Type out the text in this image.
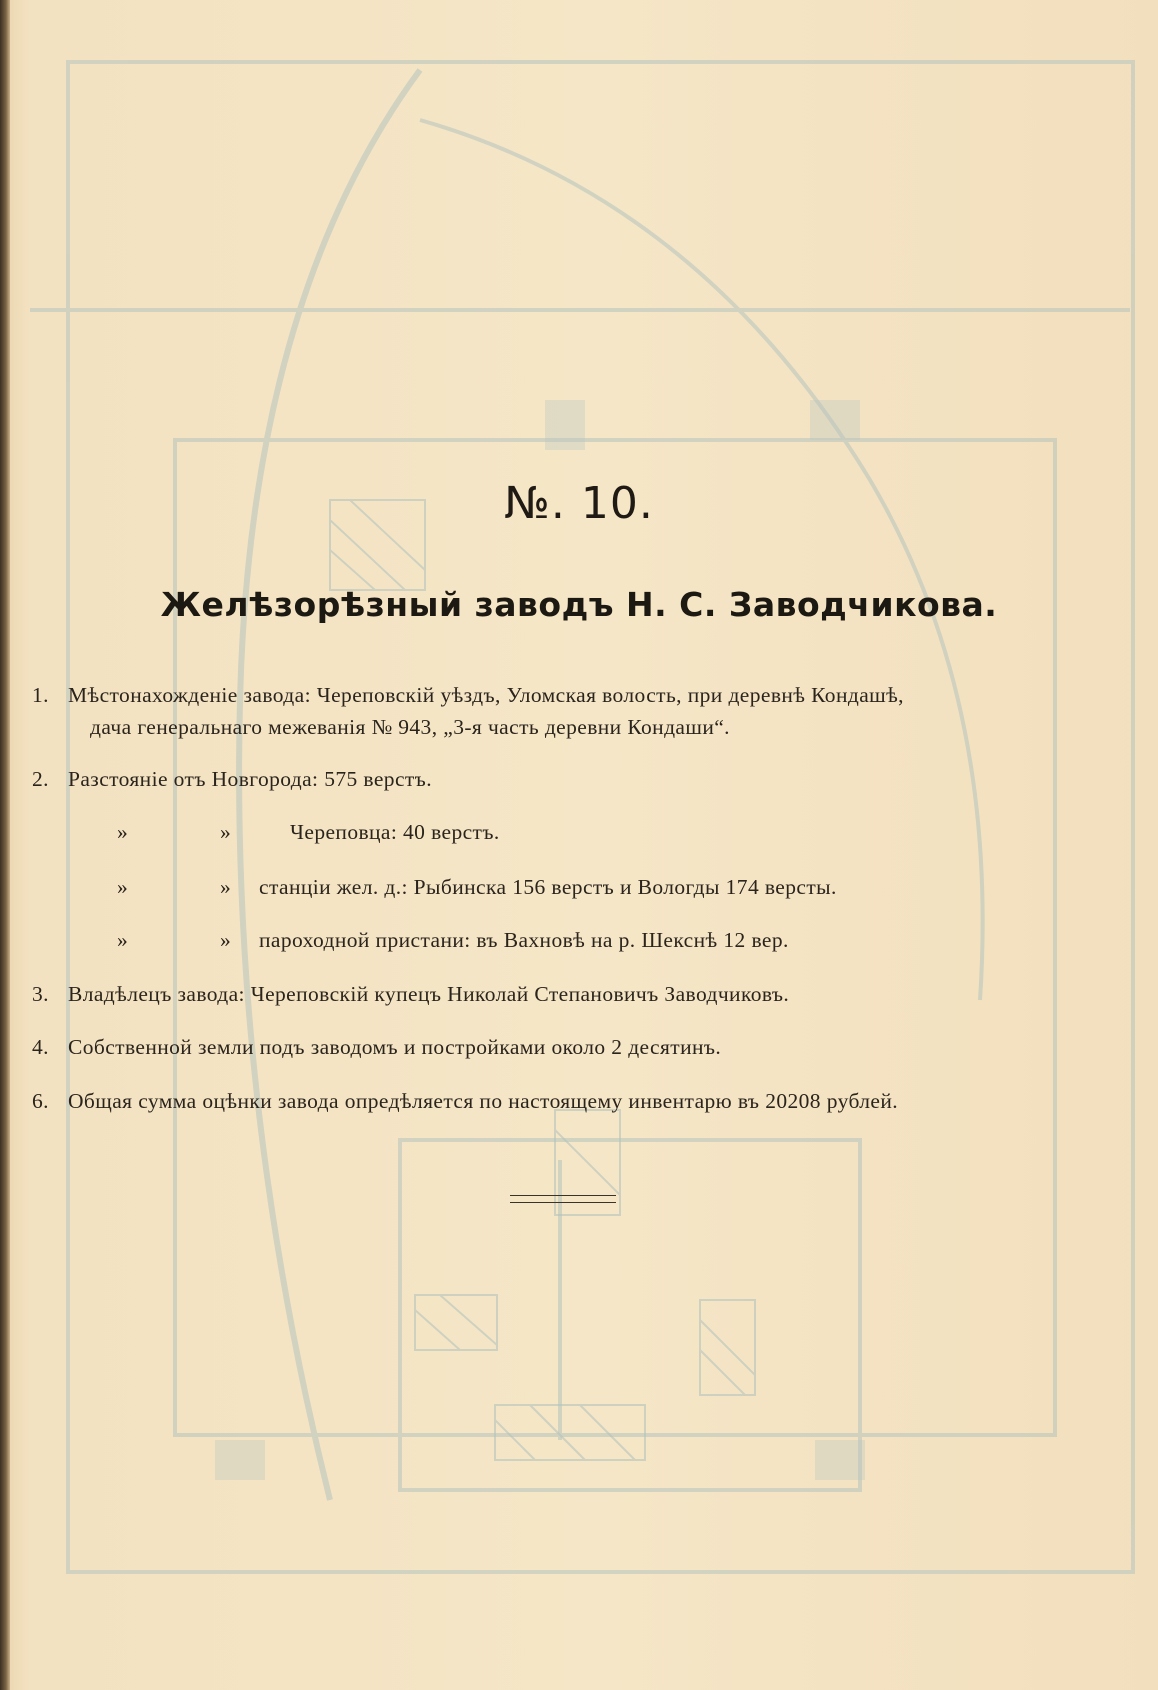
№. 10.
Желѣзорѣзный заводъ Н. С. Заводчикова.
1. Мѣстонахожденіе завода: Череповскій уѣздъ, Уломская волость, при деревнѣ Кондашѣ,
дача генеральнаго межеванія № 943, „3-я часть деревни Кондаши“.
2. Разстояніе отъ Новгорода: 575 верстъ.
»	»	Череповца: 40 верстъ.
»	» станціи жел. д.: Рыбинска 156 верстъ и Вологды 174 версты.
»	» пароходной пристани: въ Вахновѣ на р. Шекснѣ 12 вер.
3. Владѣлецъ завода: Череповскій купецъ Николай Степановичъ Заводчиковъ.
4. Собственной земли подъ заводомъ и постройками около 2 десятинъ.
6. Общая сумма оцѣнки завода опредѣляется по настоящему инвентарю въ 20208 рублей.
